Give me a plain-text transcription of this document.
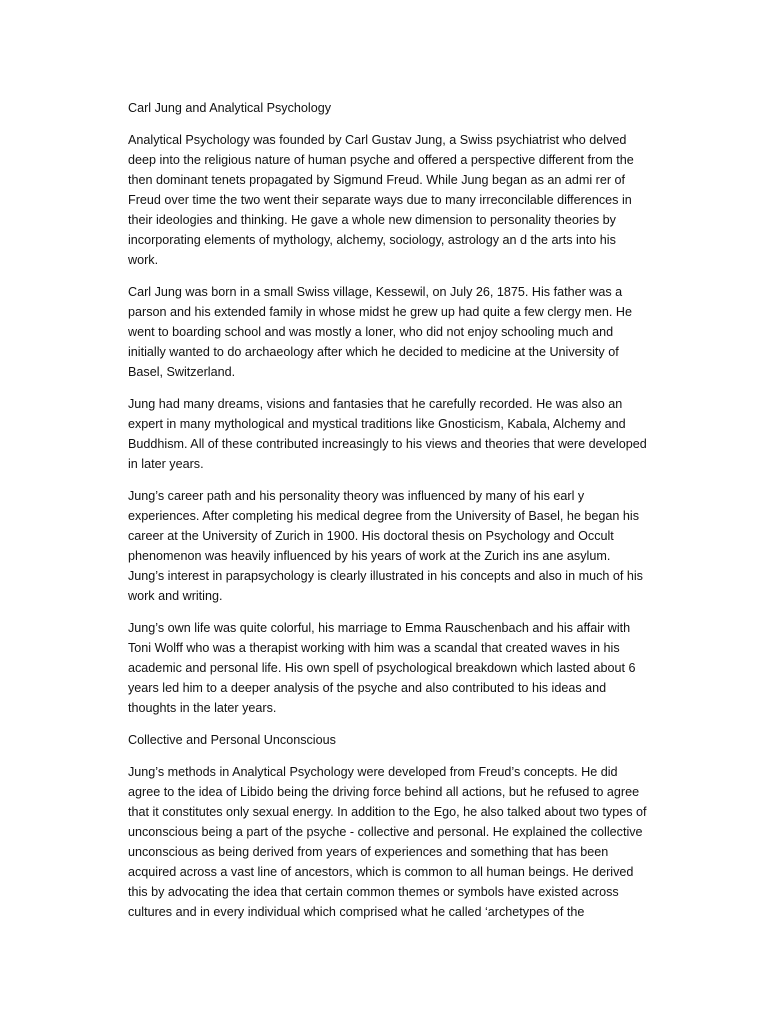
Carl Jung and Analytical Psychology

Analytical Psychology was founded by Carl Gustav Jung, a Swiss psychiatrist who delved deep into the religious nature of human psyche and offered a perspective different from the then dominant tenets propagated by Sigmund Freud. While Jung began as an admi rer of Freud over time the two went their separate ways due to many irreconcilable differences in their ideologies and thinking. He gave a whole new dimension to personality theories by incorporating elements of mythology, alchemy, sociology, astrology an d the arts into his work.

Carl Jung was born in a small Swiss village, Kessewil, on July 26, 1875. His father was a parson and his extended family in whose midst he grew up had quite a few clergy men. He went to boarding school and was mostly a loner, who did not enjoy schooling much and initially wanted to do archaeology after which he decided to medicine at the University of Basel, Switzerland.

Jung had many dreams, visions and fantasies that he carefully recorded. He was also an expert in many mythological and mystical traditions like Gnosticism, Kabala, Alchemy and Buddhism. All of these contributed increasingly to his views and theories that were developed in later years.

Jung’s career path and his personality theory was influenced by many of his earl y experiences. After completing his medical degree from the University of Basel, he began his career at the University of Zurich in 1900. His doctoral thesis on Psychology and Occult phenomenon was heavily influenced by his years of work at the Zurich ins ane asylum. Jung’s interest in parapsychology is clearly illustrated in his concepts and also in much of his work and writing.

Jung’s own life was quite colorful, his marriage to Emma Rauschenbach and his affair with Toni Wolff who was a therapist working with him was a scandal that created waves in his academic and personal life. His own spell of psychological breakdown which lasted about 6 years led him to a deeper analysis of the psyche and also contributed to his ideas and thoughts in the later years.

Collective and Personal Unconscious

Jung’s methods in Analytical Psychology were developed from Freud’s concepts. He did agree to the idea of Libido being the driving force behind all actions, but he refused to agree that it constitutes only sexual energy. In addition to the Ego, he also talked about two types of unconscious being a part of the psyche - collective and personal. He explained the collective unconscious as being derived from years of experiences and something that has been acquired across a vast line of ancestors, which is common to all human beings. He derived this by advocating the idea that certain common themes or symbols have existed across cultures and in every individual which comprised what he called ‘archetypes of the
